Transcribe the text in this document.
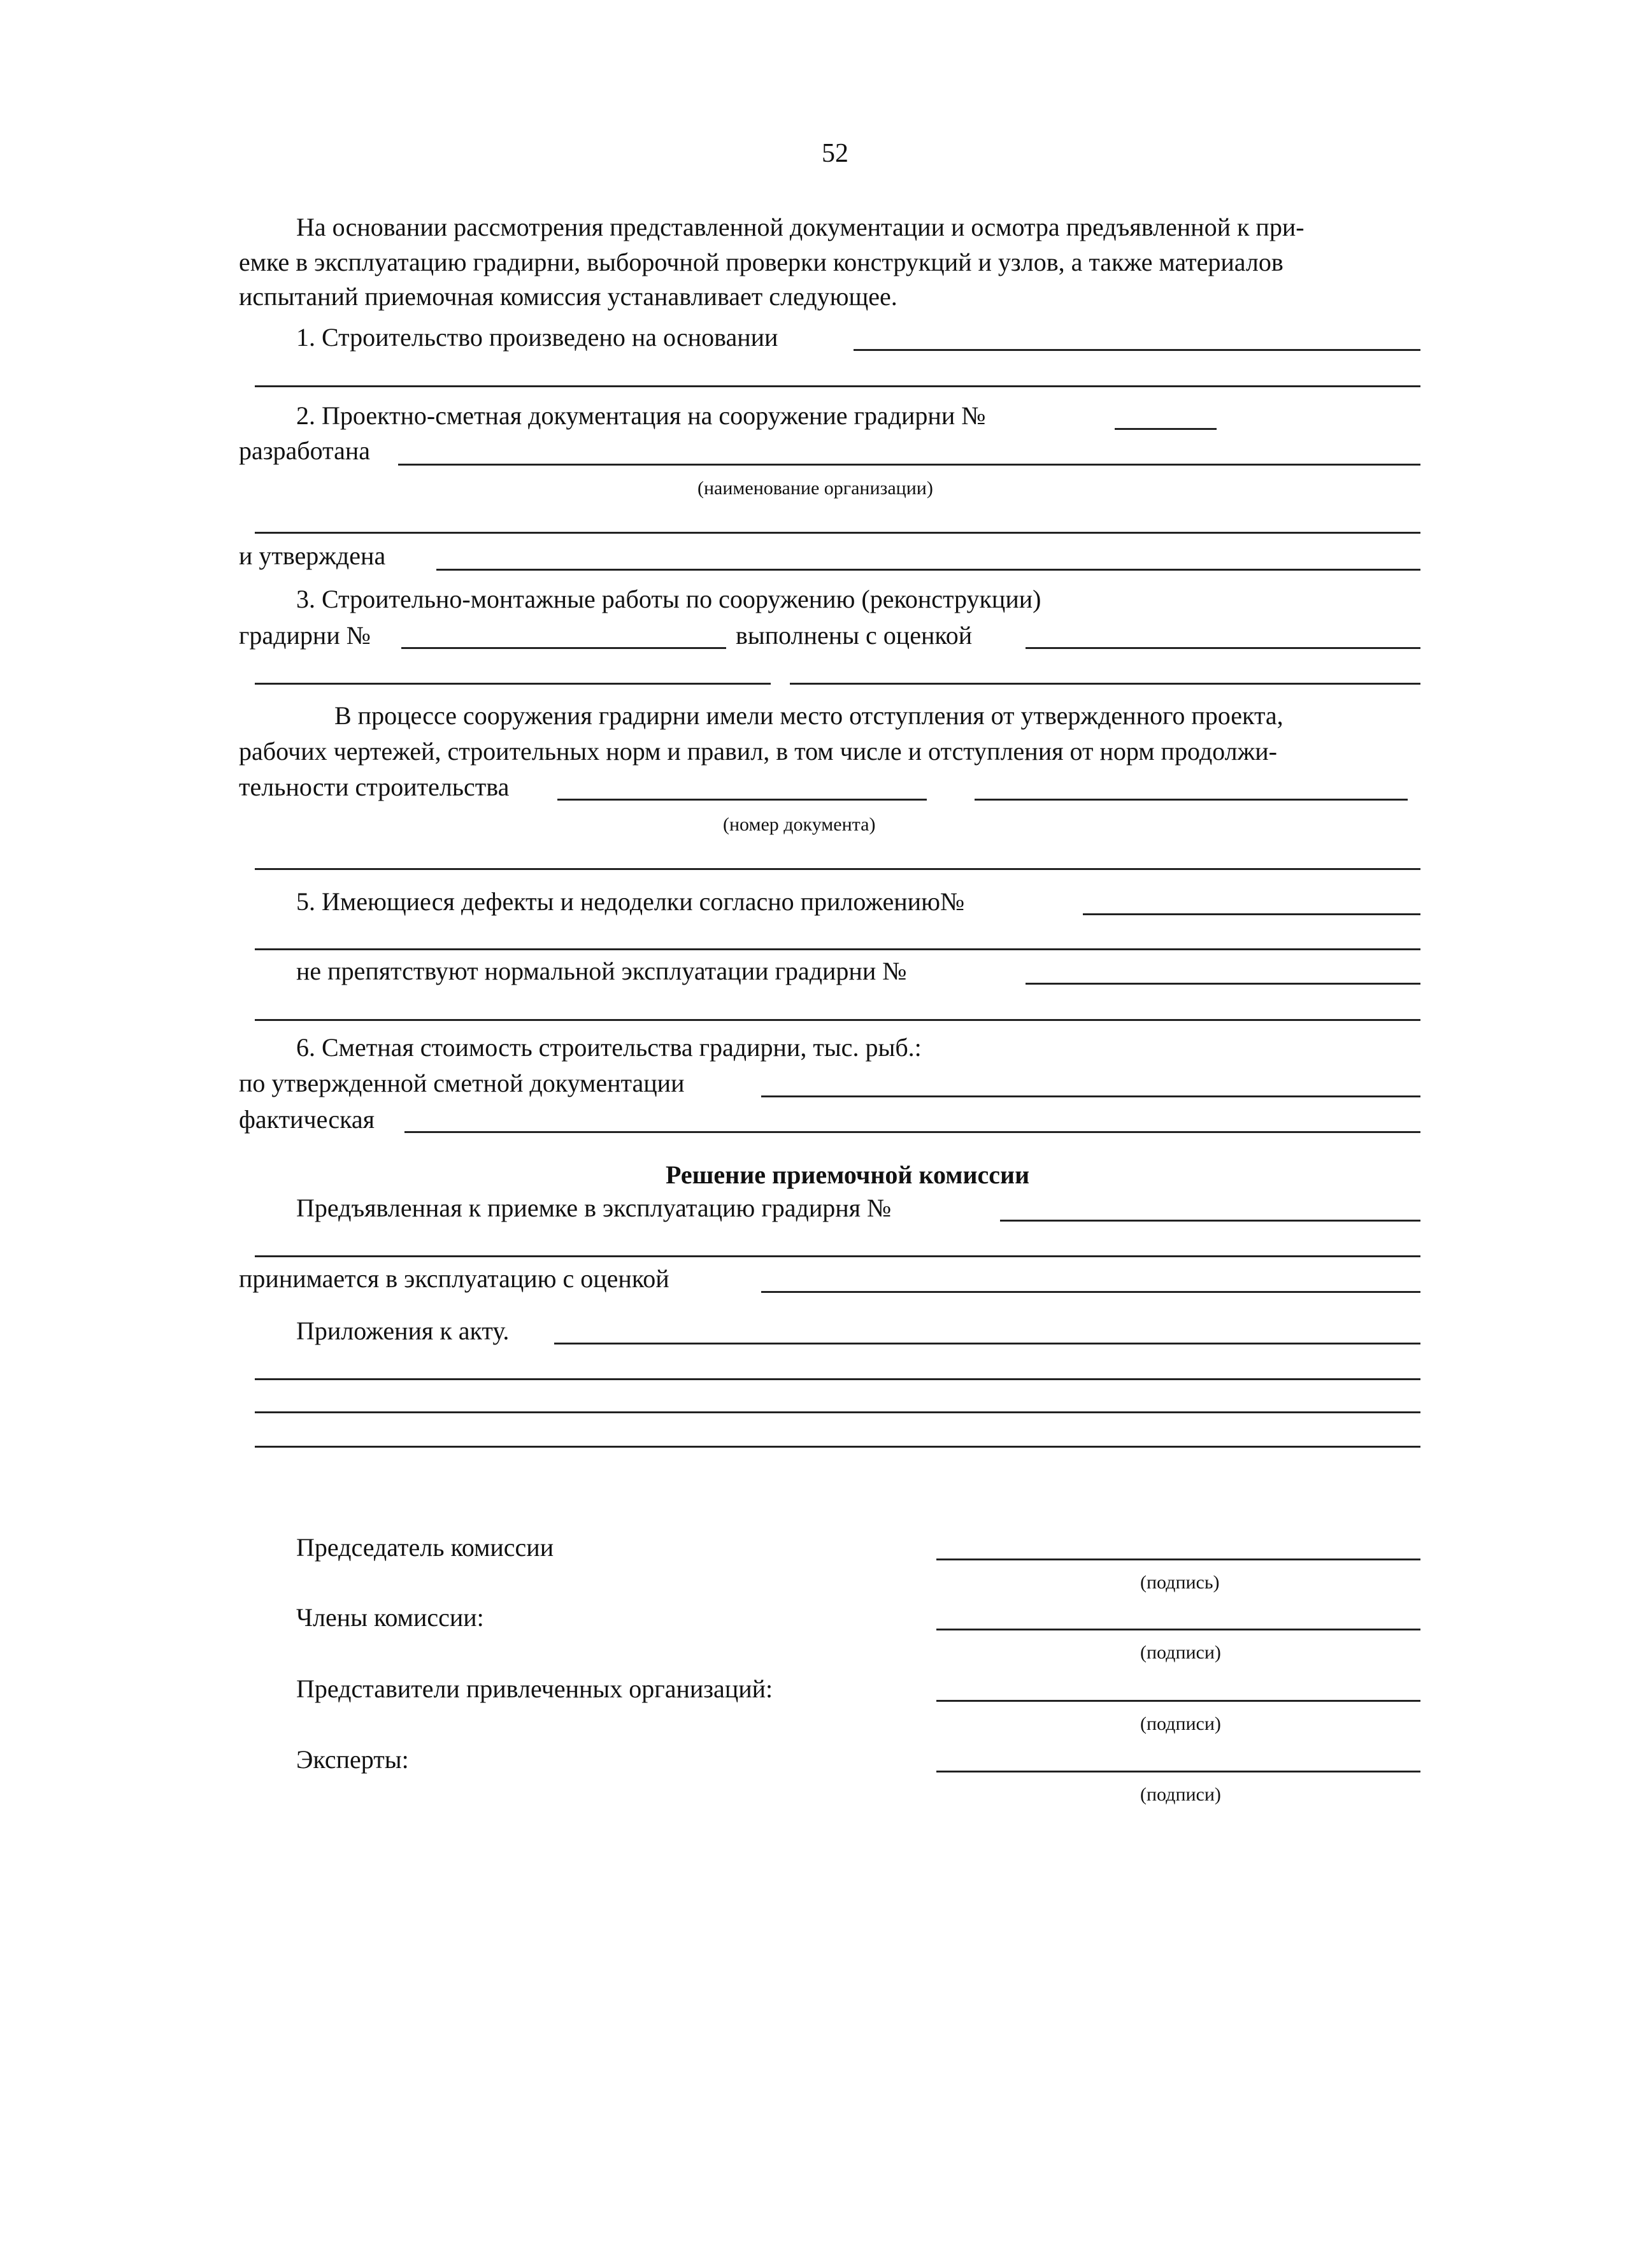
52
На основании рассмотрения представленной документации и осмотра предъявленной к при-
емке в эксплуатацию градирни, выборочной проверки конструкций и узлов, а также материалов
испытаний приемочная комиссия устанавливает следующее.
1. Строительство произведено на основании
2. Проектно-сметная документация на сооружение градирни №
разработана
(наименование организации)
и утверждена
3. Строительно-монтажные работы по сооружению (реконструкции)
градирни №	выполнены с оценкой
В процессе сооружения градирни имели место отступления от утвержденного проекта,
рабочих чертежей, строительных норм и правил, в том числе и отступления от норм продолжи-
тельности строительства
(номер документа)
5. Имеющиеся дефекты и недоделки согласно приложению№
не препятствуют нормальной эксплуатации градирни №
6. Сметная стоимость строительства градирни, тыс. рыб.:
по утвержденной сметной документации
фактическая
Решение приемочной комиссии
Предъявленная к приемке в эксплуатацию градирня №
принимается в эксплуатацию с оценкой
Приложения к акту.
Председатель комиссии
(подпись)
Члены комиссии:
(подписи)
Представители привлеченных организаций:
(подписи)
Эксперты:
(подписи)
